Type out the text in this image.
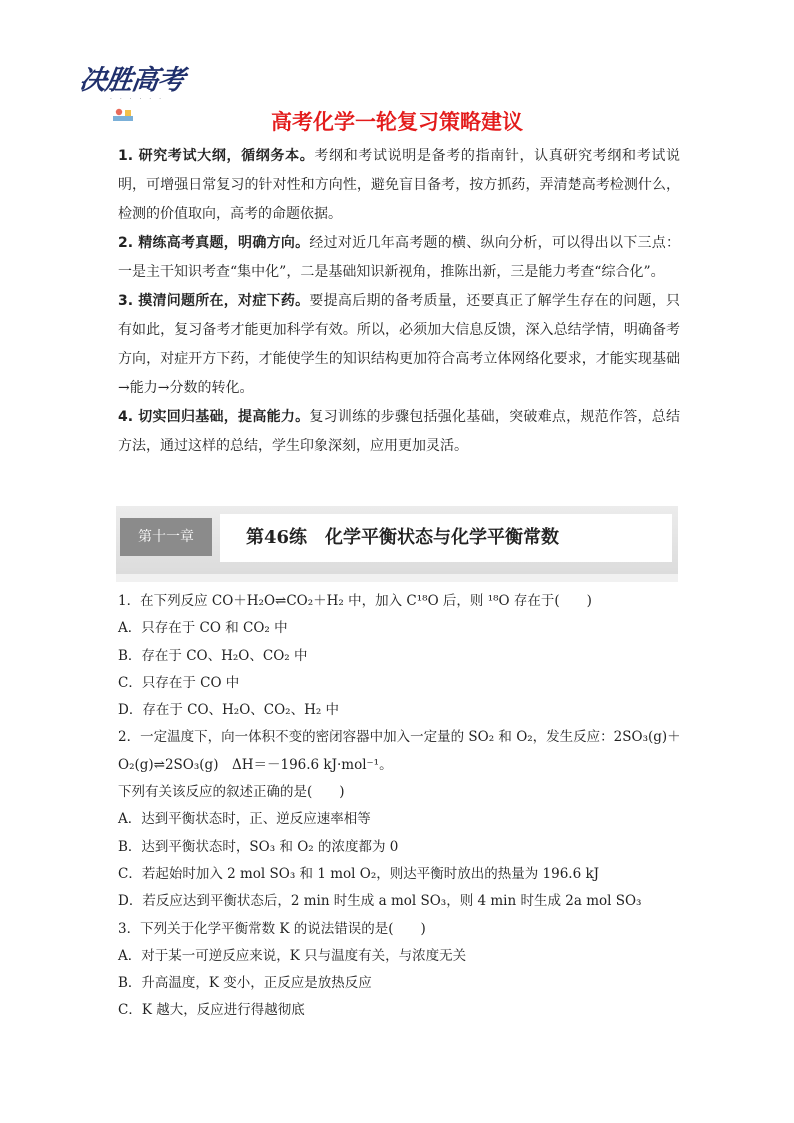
决胜高考
· · · · · ·
高考化学一轮复习策略建议

1. 研究考试大纲，循纲务本。考纲和考试说明是备考的指南针，认真研究考纲和考试说明，可增强日常复习的针对性和方向性，避免盲目备考，按方抓药，弄清楚高考检测什么，检测的价值取向，高考的命题依据。

2. 精练高考真题，明确方向。经过对近几年高考题的横、纵向分析，可以得出以下三点：一是主干知识考查“集中化”，二是基础知识新视角，推陈出新，三是能力考查“综合化”。

3. 摸清问题所在，对症下药。要提高后期的备考质量，还要真正了解学生存在的问题，只有如此，复习备考才能更加科学有效。所以，必须加大信息反馈，深入总结学情，明确备考方向，对症开方下药，才能使学生的知识结构更加符合高考立体网络化要求，才能实现基础→能力→分数的转化。

4. 切实回归基础，提高能力。复习训练的步骤包括强化基础，突破难点，规范作答，总结方法，通过这样的总结，学生印象深刻，应用更加灵活。

第十一章	第46练　化学平衡状态与化学平衡常数
1．在下列反应 CO＋H₂O⇌CO₂＋H₂ 中，加入 C¹⁸O 后，则 ¹⁸O 存在于(　　)
A．只存在于 CO 和 CO₂ 中
B．存在于 CO、H₂O、CO₂ 中
C．只存在于 CO 中
D．存在于 CO、H₂O、CO₂、H₂ 中
2．一定温度下，向一体积不变的密闭容器中加入一定量的 SO₂ 和 O₂，发生反应：2SO₃(g)＋
O₂(g)⇌2SO₃(g)　ΔH＝－196.6 kJ·mol⁻¹。
下列有关该反应的叙述正确的是(　　)
A．达到平衡状态时，正、逆反应速率相等
B．达到平衡状态时，SO₃ 和 O₂ 的浓度都为 0
C．若起始时加入 2 mol SO₃ 和 1 mol O₂，则达平衡时放出的热量为 196.6 kJ
D．若反应达到平衡状态后，2 min 时生成 a mol SO₃，则 4 min 时生成 2a mol SO₃
3．下列关于化学平衡常数 K 的说法错误的是(　　)
A．对于某一可逆反应来说，K 只与温度有关，与浓度无关
B．升高温度，K 变小，正反应是放热反应
C．K 越大，反应进行得越彻底
